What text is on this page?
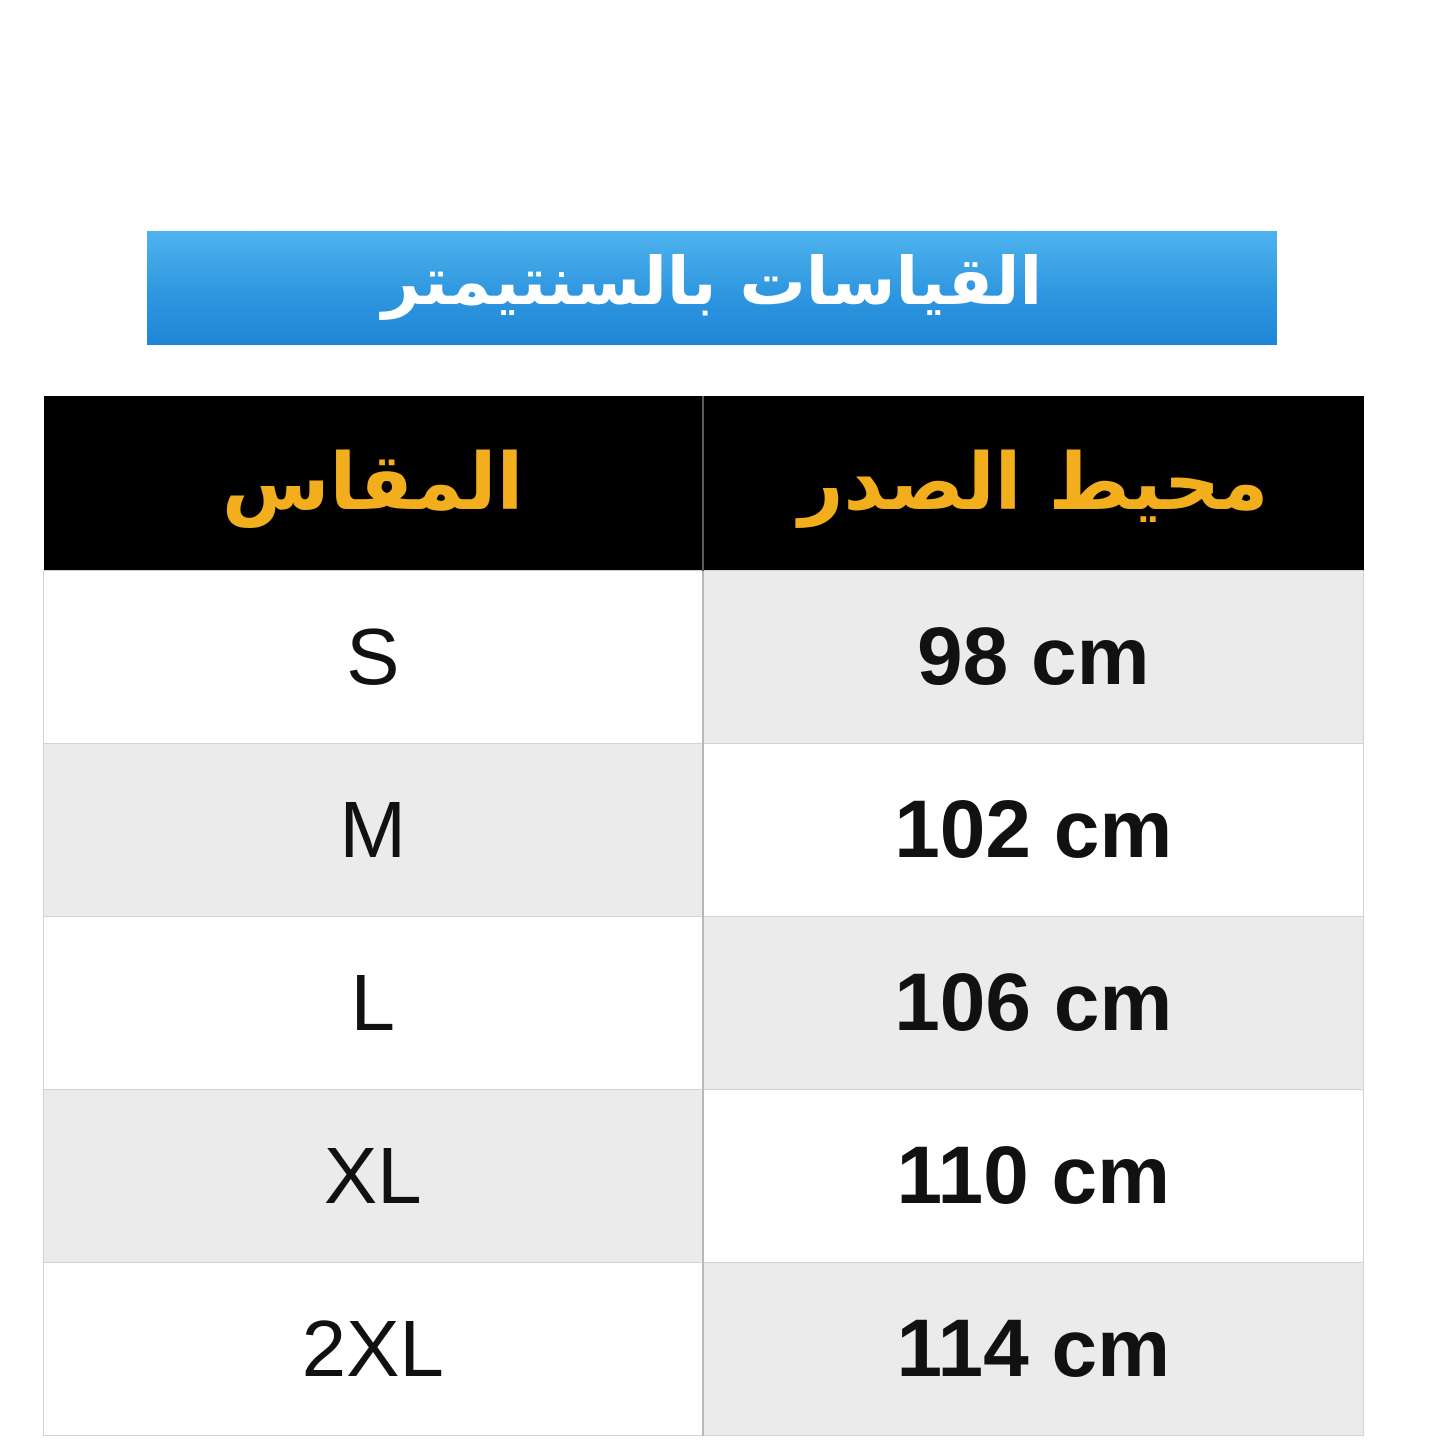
القياسات بالسنتيمتر
المقاس	محيط الصدر
S	98 cm
M	102 cm
L	106 cm
XL	110 cm
2XL	114 cm
